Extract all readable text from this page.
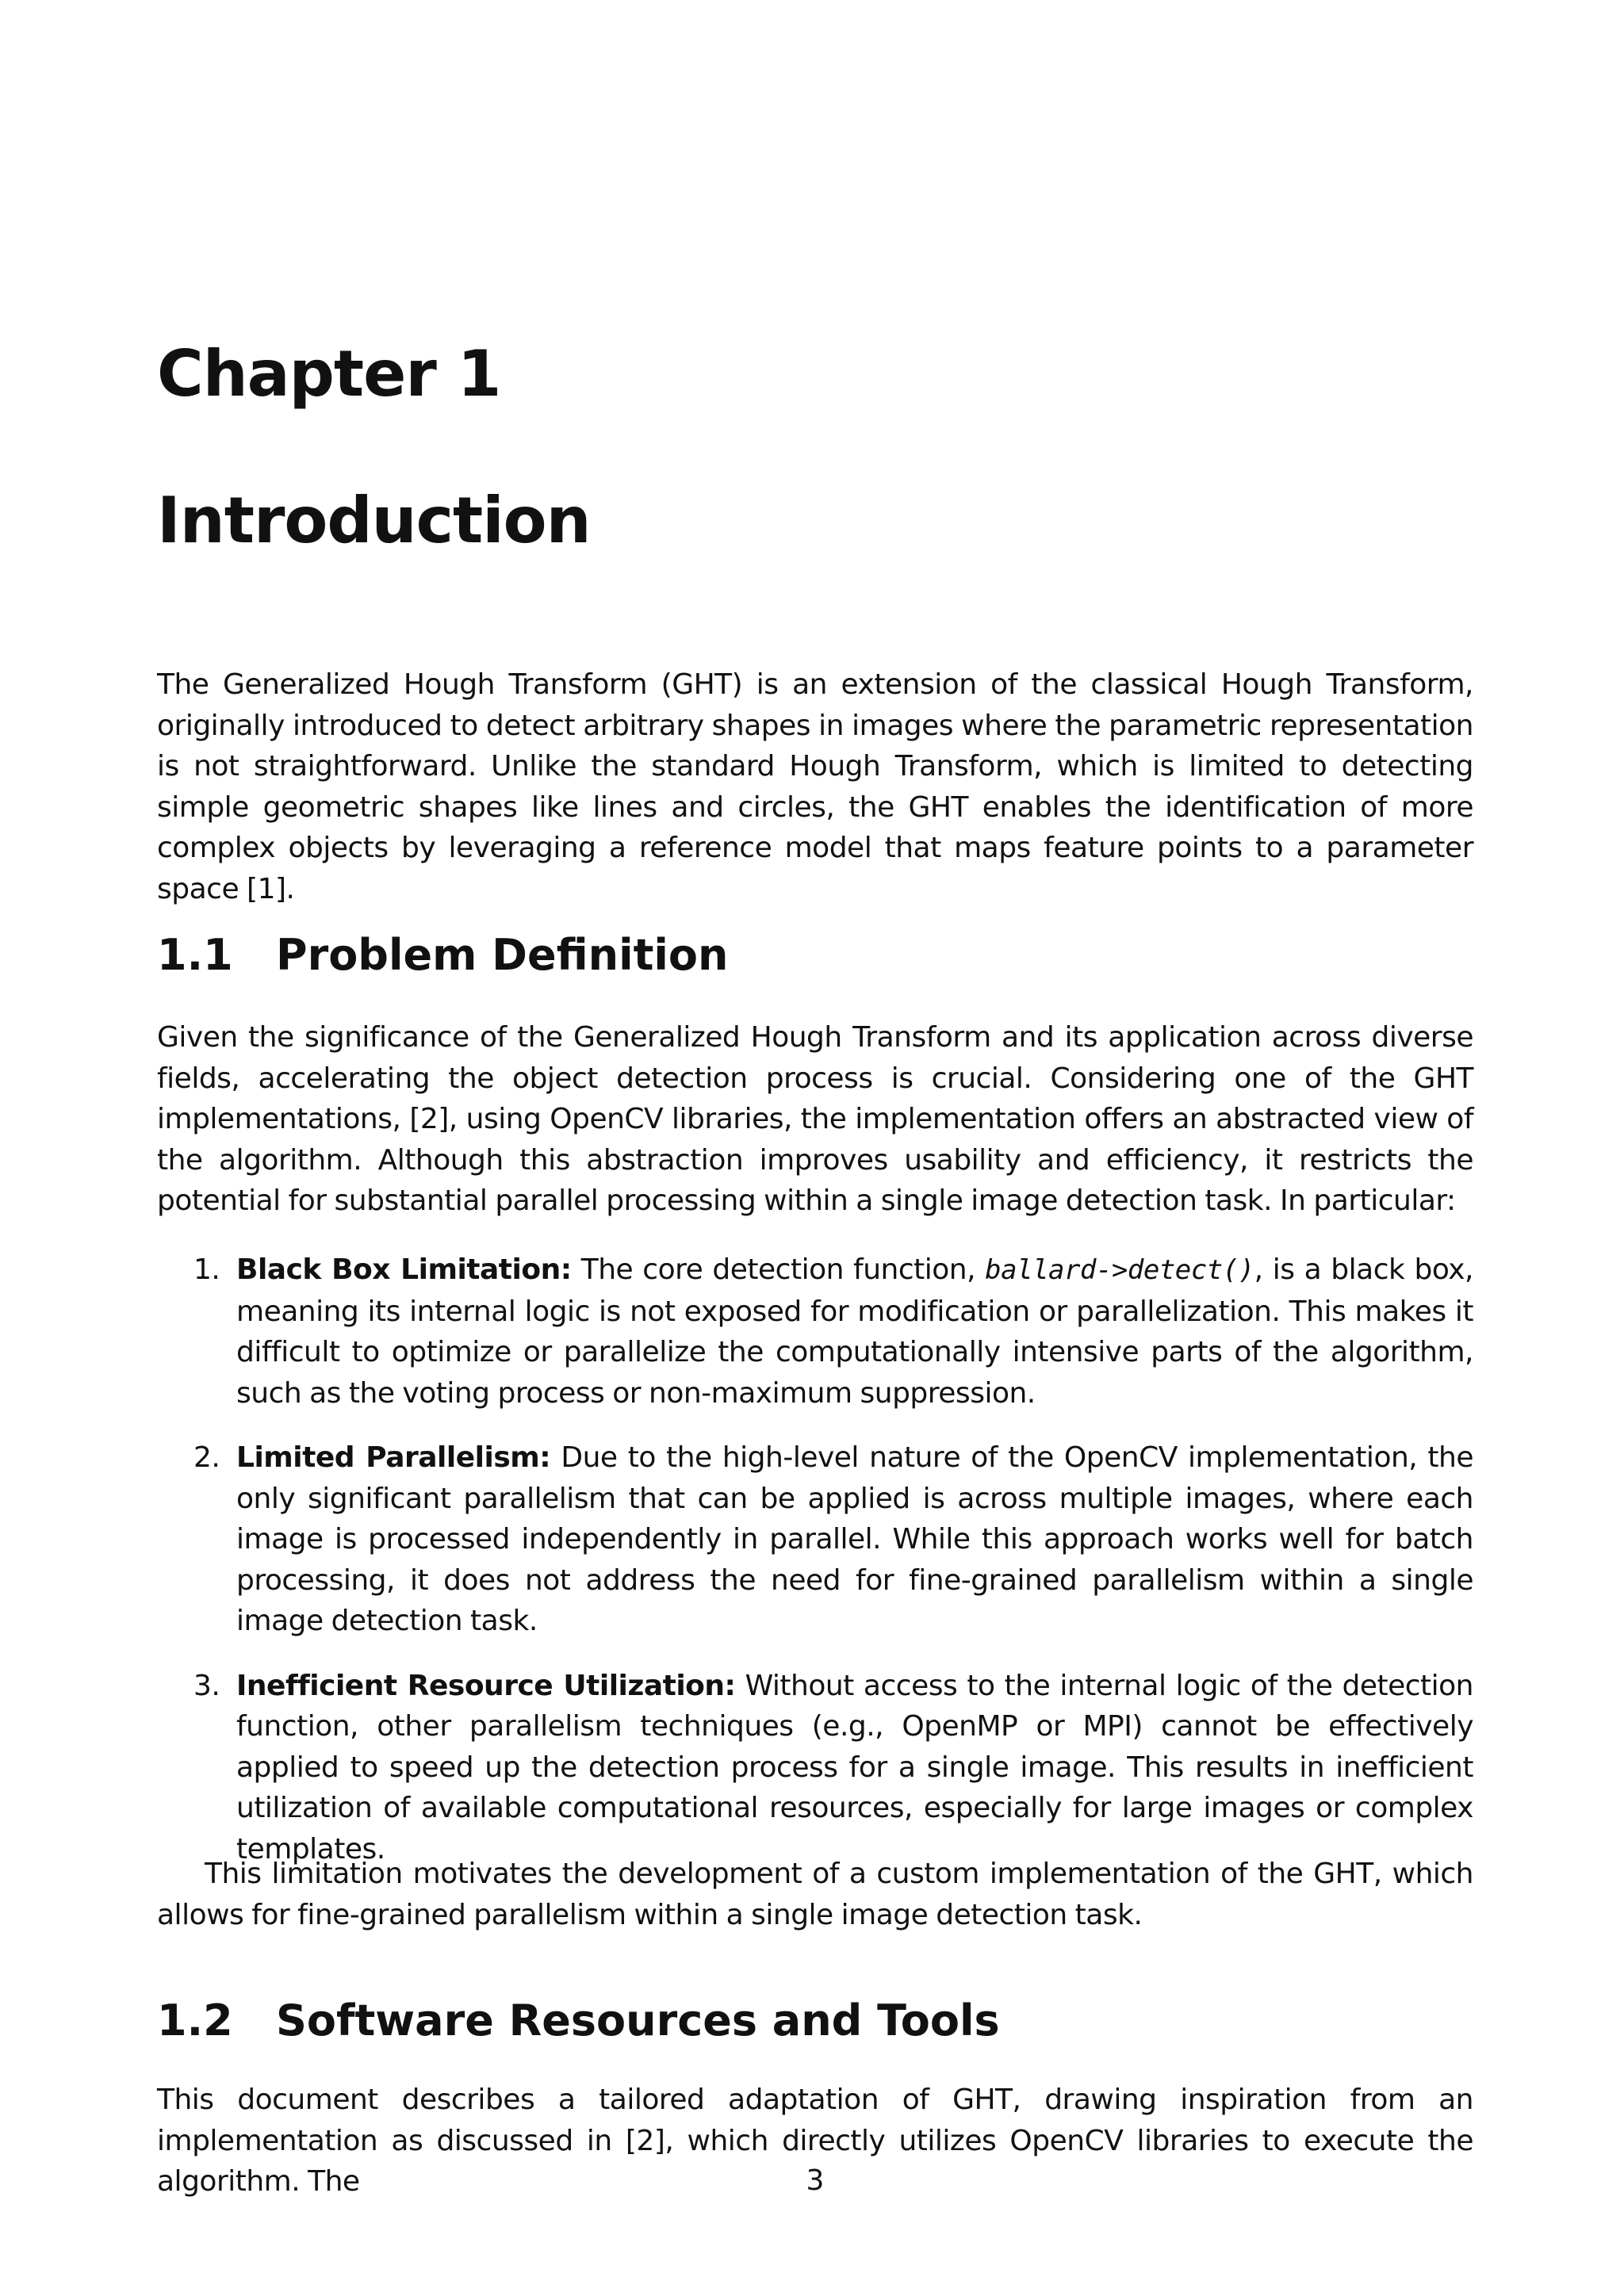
Chapter 1
Introduction

The Generalized Hough Transform (GHT) is an extension of the classical Hough Transform, originally introduced to detect arbitrary shapes in images where the parametric representation is not straightforward. Unlike the standard Hough Transform, which is limited to detecting simple geometric shapes like lines and circles, the GHT enables the identification of more complex objects by leveraging a reference model that maps feature points to a parameter space [1].

1.1 Problem Definition

Given the significance of the Generalized Hough Transform and its application across diverse fields, accelerating the object detection process is crucial. Considering one of the GHT implementations, [2], using OpenCV libraries, the implementation offers an abstracted view of the algorithm. Although this abstraction improves usability and efficiency, it restricts the potential for substantial parallel processing within a single image detection task. In particular:

1. Black Box Limitation: The core detection function, ballard->detect(), is a black box, meaning its internal logic is not exposed for modification or parallelization. This makes it difficult to optimize or parallelize the computationally intensive parts of the algorithm, such as the voting process or non-maximum suppression.
2. Limited Parallelism: Due to the high-level nature of the OpenCV implementation, the only significant parallelism that can be applied is across multiple images, where each image is processed independently in parallel. While this approach works well for batch processing, it does not address the need for fine-grained parallelism within a single image detection task.
3. Inefficient Resource Utilization: Without access to the internal logic of the detection function, other parallelism techniques (e.g., OpenMP or MPI) cannot be effectively applied to speed up the detection process for a single image. This results in inefficient utilization of available computational resources, especially for large images or complex templates.

This limitation motivates the development of a custom implementation of the GHT, which allows for fine-grained parallelism within a single image detection task.

1.2 Software Resources and Tools

This document describes a tailored adaptation of GHT, drawing inspiration from an implementation as discussed in [2], which directly utilizes OpenCV libraries to execute the algorithm. The	3
